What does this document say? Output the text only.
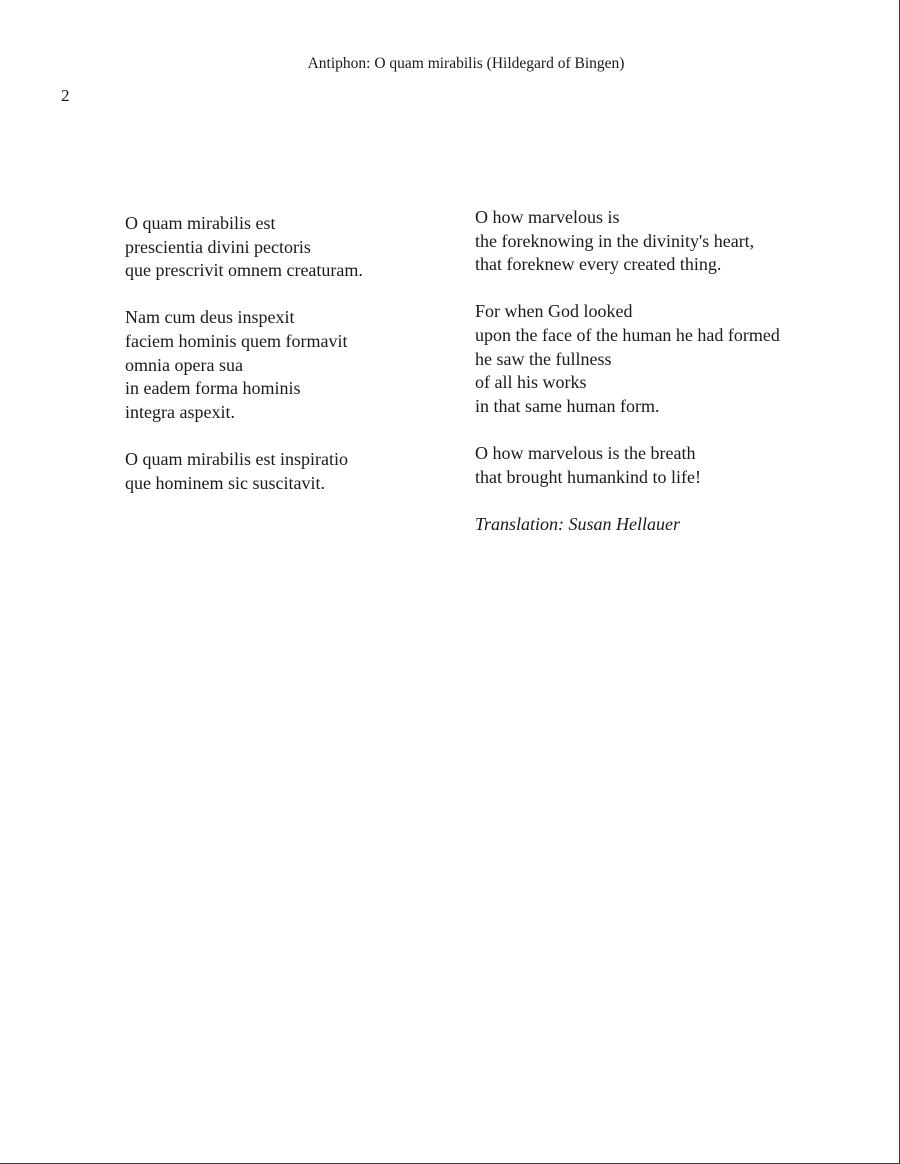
Antiphon: O quam mirabilis (Hildegard of Bingen)
2
O quam mirabilis est
prescientia divini pectoris
que prescrivit omnem creaturam.
Nam cum deus inspexit
faciem hominis quem formavit
omnia opera sua
in eadem forma hominis
integra aspexit.
O quam mirabilis est inspiratio
que hominem sic suscitavit.
O how marvelous is
the foreknowing in the divinity's heart,
that foreknew every created thing.
For when God looked
upon the face of the human he had formed
he saw the fullness
of all his works
in that same human form.
O how marvelous is the breath
that brought humankind to life!
Translation: Susan Hellauer
